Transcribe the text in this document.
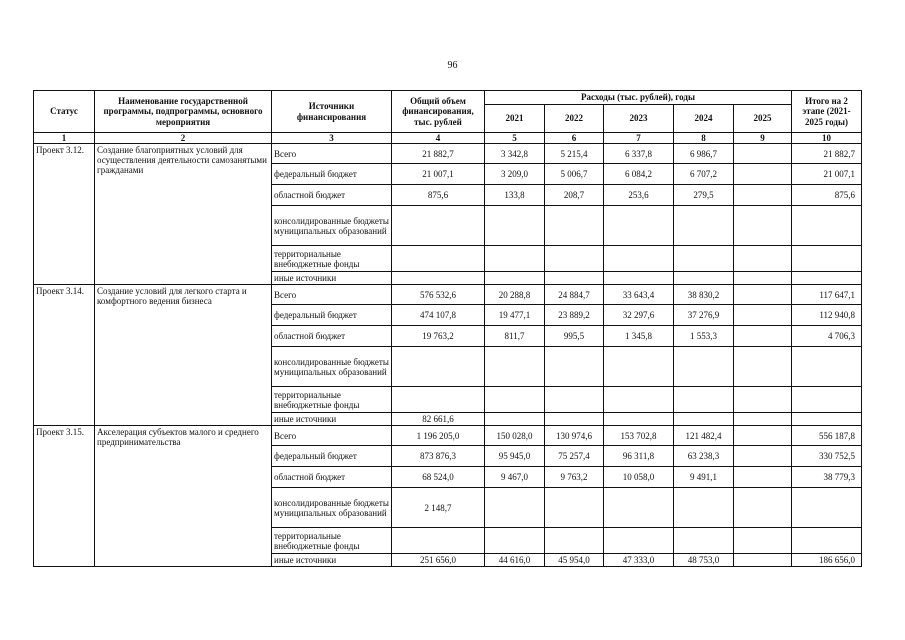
96
Статус	Наименование государственной программы, подпрограммы, основного мероприятия	Источники финансирования	Общий объем финансирования, тыс. рублей	Расходы (тыс. рублей), годы					Итого на 2 этапе (2021-2025 годы)
				2021	2022	2023	2024	2025	
1	2	3	4	5	6	7	8	9	10
Проект 3.12.	Создание благоприятных условий для осуществления деятельности самозанятыми гражданами	Всего	21 882,7	3 342,8	5 215,4	6 337,8	6 986,7		21 882,7
		федеральный бюджет	21 007,1	3 209,0	5 006,7	6 084,2	6 707,2		21 007,1
		областной бюджет	875,6	133,8	208,7	253,6	279,5		875,6
		консолидированные бюджеты муниципальных образований							
		территориальные внебюджетные фонды							
		иные источники							
Проект 3.14.	Создание условий для легкого старта и комфортного ведения бизнеса	Всего	576 532,6	20 288,8	24 884,7	33 643,4	38 830,2		117 647,1
		федеральный бюджет	474 107,8	19 477,1	23 889,2	32 297,6	37 276,9		112 940,8
		областной бюджет	19 763,2	811,7	995,5	1 345,8	1 553,3		4 706,3
		консолидированные бюджеты муниципальных образований							
		территориальные внебюджетные фонды							
		иные источники	82 661,6						
Проект 3.15.	Акселерация субъектов малого и среднего предпринимательства	Всего	1 196 205,0	150 028,0	130 974,6	153 702,8	121 482,4		556 187,8
		федеральный бюджет	873 876,3	95 945,0	75 257,4	96 311,8	63 238,3		330 752,5
		областной бюджет	68 524,0	9 467,0	9 763,2	10 058,0	9 491,1		38 779,3
		консолидированные бюджеты муниципальных образований	2 148,7						
		территориальные внебюджетные фонды							
		иные источники	251 656,0	44 616,0	45 954,0	47 333,0	48 753,0		186 656,0
